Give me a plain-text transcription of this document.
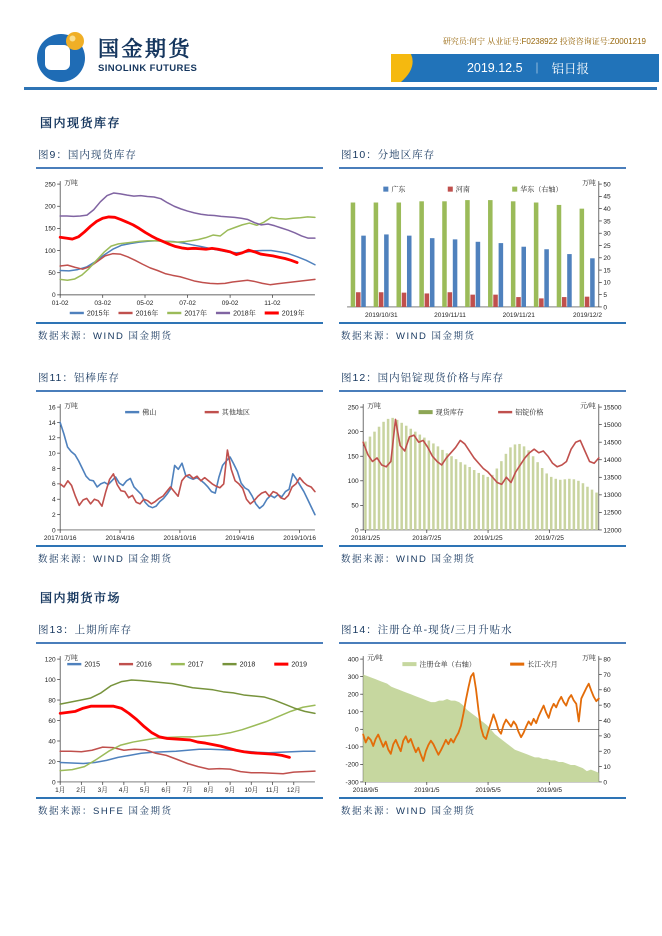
国金期货
SINOLINK FUTURES
研究员:何宁 从业证号:F0238922 投资咨询证号:Z0001219
2019.12.5 ｜ 铝日报
国内现货库存
图9：国内现货库存
0
50
100
150
200
250 万吨
01-02	03-02	05-02	07-02	09-02	11-02
2015年	2016年	2017年	2018年	2019年
数据来源：WIND 国金期货
图10：分地区库存
0
5
10
15
20
25
30
35
40
45
50
万吨
2019/10/31	2019/11/11	2019/11/21	2019/12/2
广东	河南	华东（右轴）
数据来源：WIND 国金期货
图11：铝棒库存
0
2
4
6
8
10
12
14
16 万吨
2017/10/16	2018/4/16	2018/10/16	2019/4/16	2019/10/16
佛山	其他地区
数据来源：WIND 国金期货
图12：国内铝锭现货价格与库存
0
50
100
150
200
250 万吨
12000
12500
13000
13500
14000
14500
15000
15500
元/吨
2018/1/25	2018/7/25	2019/1/25	2019/7/25
现货库存	铝锭价格
数据来源：WIND 国金期货
国内期货市场
图13：上期所库存
0
20
40
60
80
100
120 万吨
1月 2月 3月 4月 5月 6月 7月 8月 9月 10月 11月 12月
2015	2016	2017	2018	2019
数据来源：SHFE 国金期货
图14：注册仓单-现货/三月升贴水
-300
-200
-100
0
100
200
300
400 元/吨
0
10
20
30
40
50
60
70
80
万吨
2018/9/5	2019/1/5	2019/5/5	2019/9/5
注册仓单（右轴）	长江-次月
数据来源：WIND 国金期货
